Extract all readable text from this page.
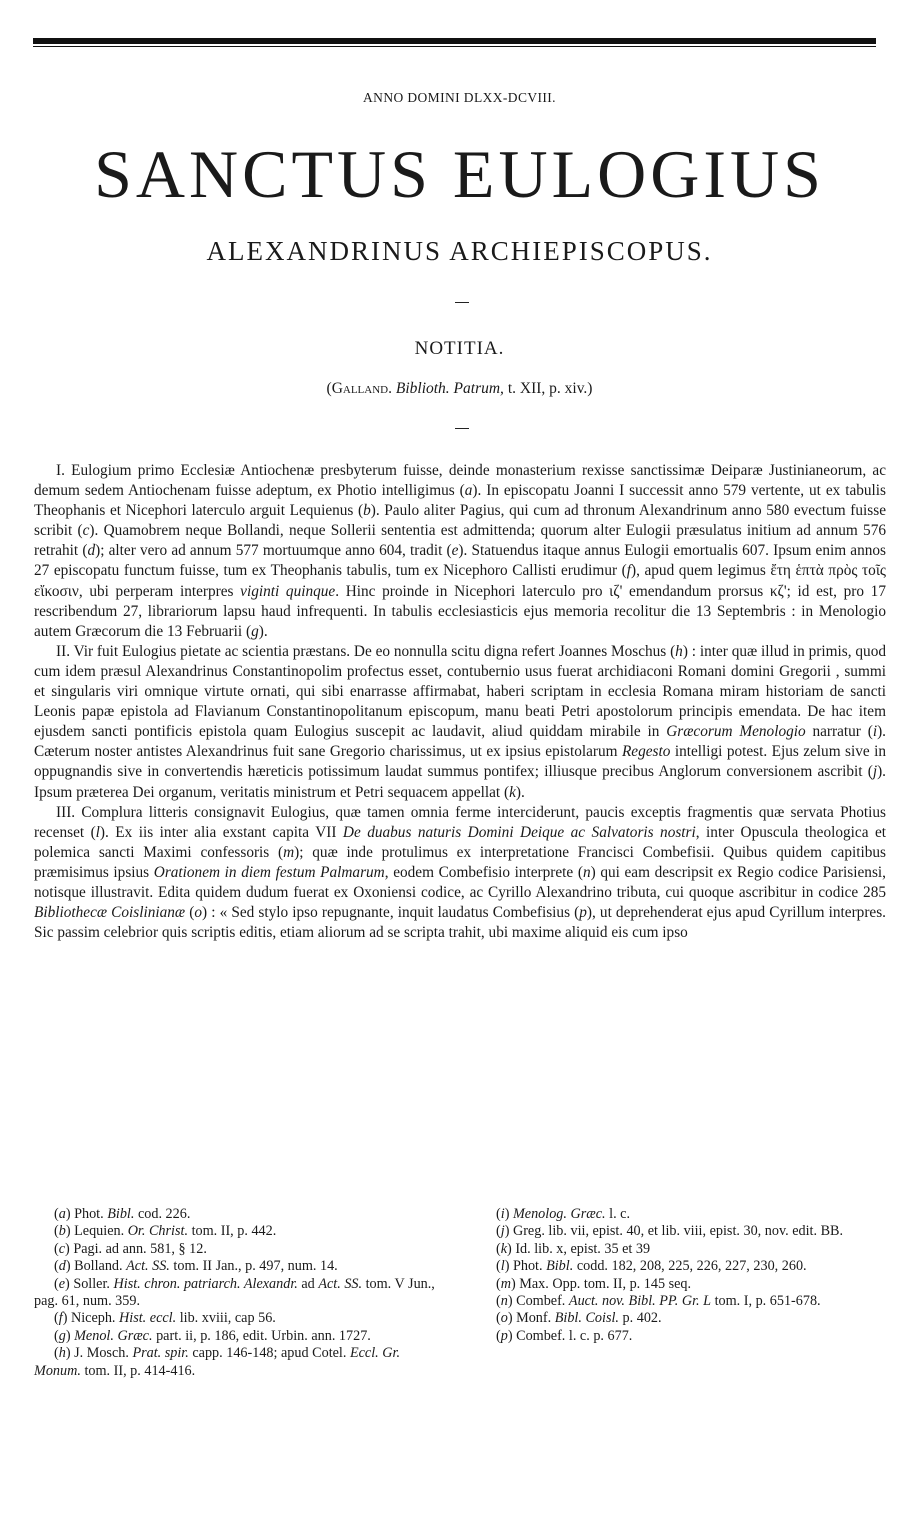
ANNO DOMINI DLXX-DCVIII.
SANCTUS EULOGIUS
ALEXANDRINUS ARCHIEPISCOPUS.
NOTITIA.
(Galland. Biblioth. Patrum, t. XII, p. xiv.)

I. Eulogium primo Ecclesiæ Antiochenæ presbyterum fuisse, deinde monasterium rexisse sanctissimæ Deiparæ Justinianeorum, ac demum sedem Antiochenam fuisse adeptum, ex Photio intelligimus (a). In episcopatu Joanni I successit anno 579 vertente, ut ex tabulis Theophanis et Nicephori laterculo arguit Lequienus (b). Paulo aliter Pagius, qui cum ad thronum Alexandrinum anno 580 evectum fuisse scribit (c). Quamobrem neque Bollandi, neque Sollerii sententia est admittenda; quorum alter Eulogii præsulatus initium ad annum 576 retrahit (d); alter vero ad annum 577 mortuumque anno 604, tradit (e). Statuendus itaque annus Eulogii emortualis 607. Ipsum enim annos 27 episcopatu functum fuisse, tum ex Theophanis tabulis, tum ex Nicephoro Callisti erudimur (f), apud quem legimus ἔτη ἑπτὰ πρὸς τοῖς εἴκοσιν, ubi perperam interpres viginti quinque. Hinc proinde in Nicephori laterculo pro ιζ' emendandum prorsus κζ'; id est, pro 17 rescribendum 27, librariorum lapsu haud infrequenti. In tabulis ecclesiasticis ejus memoria recolitur die 13 Septembris : in Menologio autem Græcorum die 13 Februarii (g).

II. Vir fuit Eulogius pietate ac scientia præstans. De eo nonnulla scitu digna refert Joannes Moschus (h) : inter quæ illud in primis, quod cum idem præsul Alexandrinus Constantinopolim profectus esset, contubernio usus fuerat archidiaconi Romani domini Gregorii , summi et singularis viri omnique virtute ornati, qui sibi enarrasse affirmabat, haberi scriptam in ecclesia Romana miram historiam de sancti Leonis papæ epistola ad Flavianum Constantinopolitanum episcopum, manu beati Petri apostolorum principis emendata. De hac item ejusdem sancti pontificis epistola quam Eulogius suscepit ac laudavit, aliud quiddam mirabile in Græcorum Menologio narratur (i). Cæterum noster antistes Alexandrinus fuit sane Gregorio charissimus, ut ex ipsius epistolarum Regesto intelligi potest. Ejus zelum sive in oppugnandis sive in convertendis hæreticis potissimum laudat summus pontifex; illiusque precibus Anglorum conversionem ascribit (j). Ipsum præterea Dei organum, veritatis ministrum et Petri sequacem appellat (k).

III. Complura litteris consignavit Eulogius, quæ tamen omnia ferme interciderunt, paucis exceptis fragmentis quæ servata Photius recenset (l). Ex iis inter alia exstant capita VII De duabus naturis Domini Deique ac Salvatoris nostri, inter Opuscula theologica et polemica sancti Maximi confessoris (m); quæ inde protulimus ex interpretatione Francisci Combefisii. Quibus quidem capitibus præmisimus ipsius Orationem in diem festum Palmarum, eodem Combefisio interprete (n) qui eam descripsit ex Regio codice Parisiensi, notisque illustravit. Edita quidem dudum fuerat ex Oxoniensi codice, ac Cyrillo Alexandrino tributa, cui quoque ascribitur in codice 285 Bibliothecæ Coislinianæ (o) : « Sed stylo ipso repugnante, inquit laudatus Combefisius (p), ut deprehenderat ejus apud Cyrillum interpres. Sic passim celebrior quis scriptis editis, etiam aliorum ad se scripta trahit, ubi maxime aliquid eis cum ipso

(a) Phot. Bibl. cod. 226.

(b) Lequien. Or. Christ. tom. II, p. 442.

(c) Pagi. ad ann. 581, § 12.

(d) Bolland. Act. SS. tom. II Jan., p. 497, num. 14.

(e) Soller. Hist. chron. patriarch. Alexandr. ad Act. SS. tom. V Jun., pag. 61, num. 359.

(f) Niceph. Hist. eccl. lib. xviii, cap 56.

(g) Menol. Græc. part. ii, p. 186, edit. Urbin. ann. 1727.

(h) J. Mosch. Prat. spir. capp. 146-148; apud Cotel. Eccl. Gr. Monum. tom. II, p. 414-416.

(i) Menolog. Græc. l. c.

(j) Greg. lib. vii, epist. 40, et lib. viii, epist. 30, nov. edit. BB.

(k) Id. lib. x, epist. 35 et 39

(l) Phot. Bibl. codd. 182, 208, 225, 226, 227, 230, 260.

(m) Max. Opp. tom. II, p. 145 seq.

(n) Combef. Auct. nov. Bibl. PP. Gr. L tom. I, p. 651-678.

(o) Monf. Bibl. Coisl. p. 402.

(p) Combef. l. c. p. 677.
